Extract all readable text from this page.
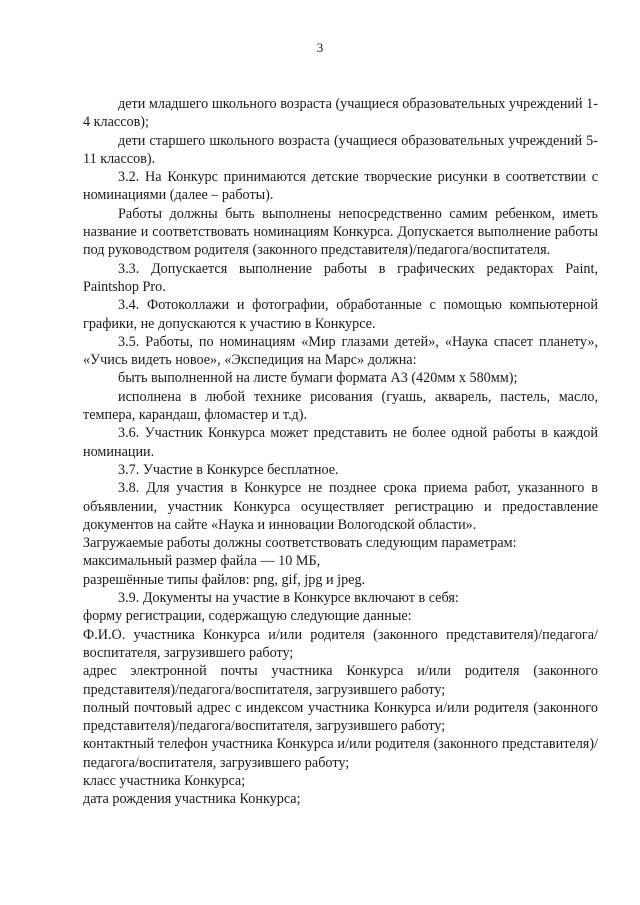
3

дети младшего школьного возраста (учащиеся образовательных учреждений 1-4 классов);

дети старшего школьного возраста (учащиеся образовательных учреждений 5-11 классов).

3.2. На Конкурс принимаются детские творческие рисунки в соответствии с номинациями (далее – работы).

Работы должны быть выполнены непосредственно самим ребенком, иметь название и соответствовать номинациям Конкурса. Допускается выполнение работы под руководством родителя (законного представителя)/педагога/воспитателя.

3.3. Допускается выполнение работы в графических редакторах Paint, Paintshop Pro.

3.4. Фотоколлажи и фотографии, обработанные с помощью компьютерной графики, не допускаются к участию в Конкурсе.

3.5. Работы, по номинациям «Мир глазами детей», «Наука спасет планету», «Учись видеть новое», «Экспедиция на Марс» должна:

быть выполненной на листе бумаги формата А3 (420мм х 580мм);

исполнена в любой технике рисования (гуашь, акварель, пастель, масло, темпера, карандаш, фломастер и т.д).

3.6. Участник Конкурса может представить не более одной работы в каждой номинации.

3.7. Участие в Конкурсе бесплатное.

3.8. Для участия в Конкурсе не позднее срока приема работ, указанного в объявлении, участник Конкурса осуществляет регистрацию и предоставление документов на сайте «Наука и инновации Вологодской области».

Загружаемые работы должны соответствовать следующим параметрам:

максимальный размер файла — 10 МБ,

разрешённые типы файлов: png, gif, jpg и jpeg.

3.9. Документы на участие в Конкурсе включают в себя:

форму регистрации, содержащую следующие данные:

Ф.И.О. участника Конкурса и/или родителя (законного представителя)/педагога/воспитателя, загрузившего работу;

адрес электронной почты участника Конкурса и/или родителя (законного представителя)/педагога/воспитателя, загрузившего работу;

полный почтовый адрес с индексом участника Конкурса и/или родителя (законного представителя)/педагога/воспитателя, загрузившего работу;

контактный телефон участника Конкурса и/или родителя (законного представителя)/педагога/воспитателя, загрузившего работу;

класс участника Конкурса;

дата рождения участника Конкурса;
